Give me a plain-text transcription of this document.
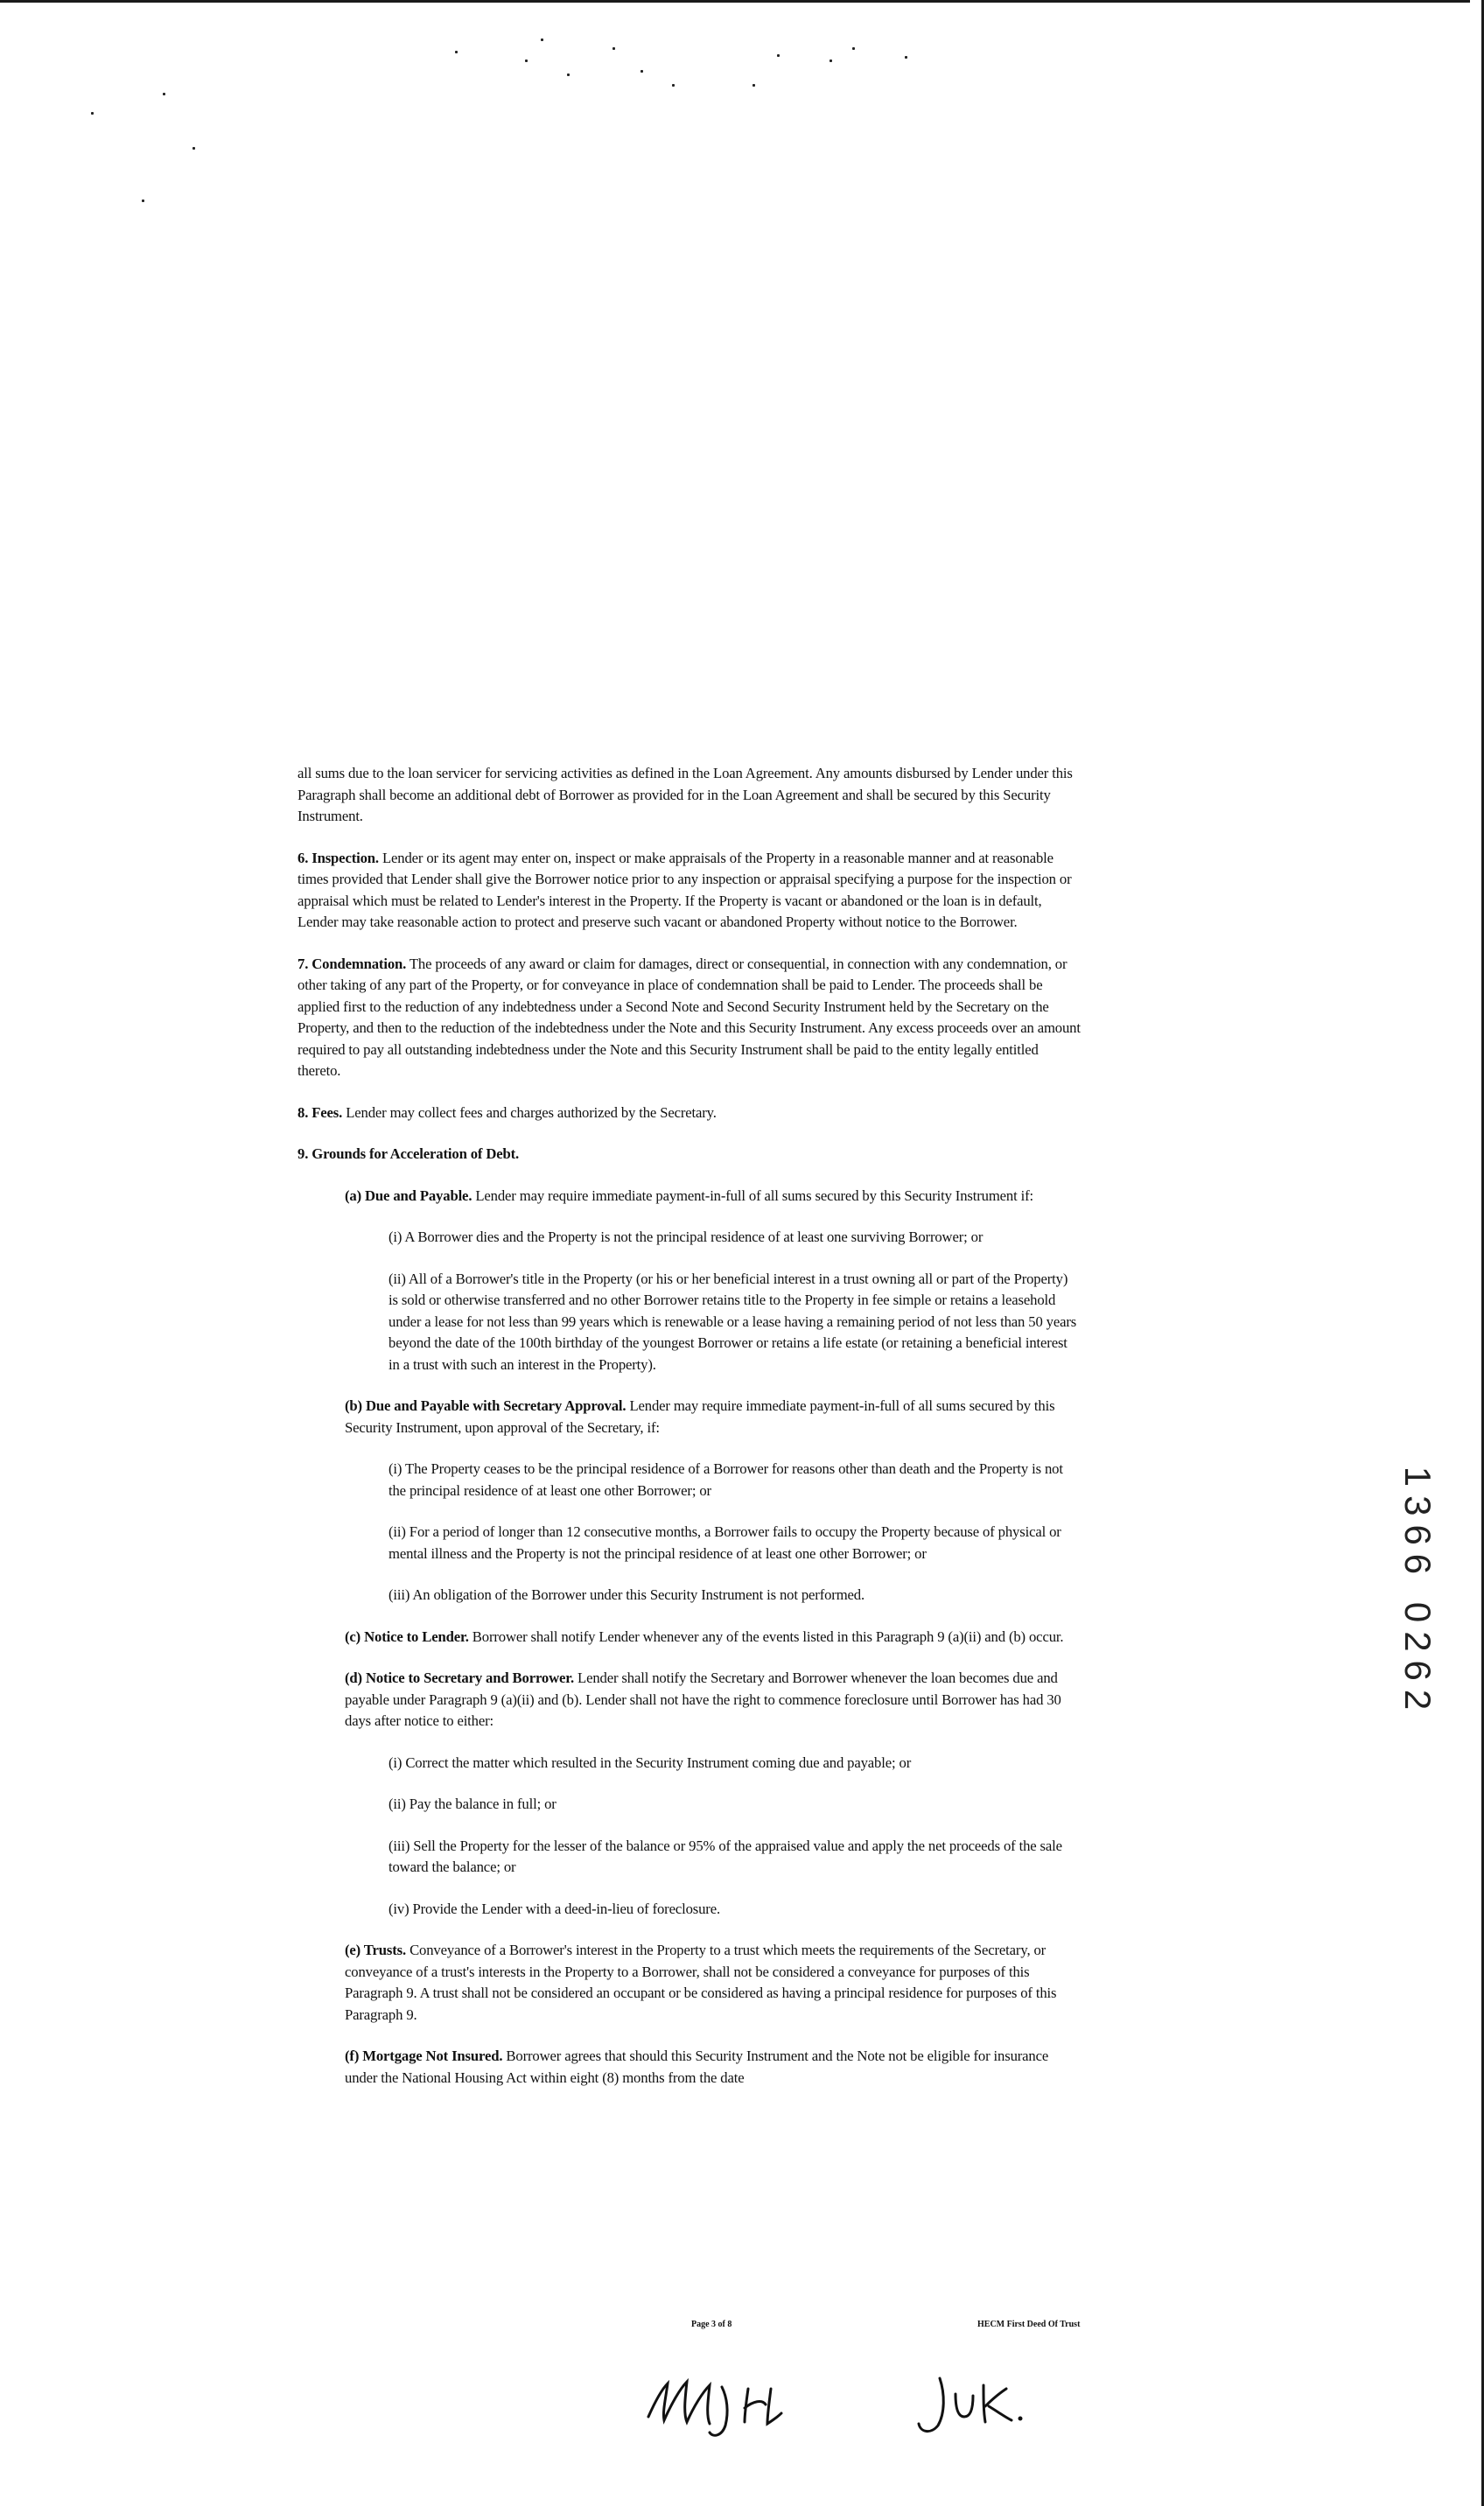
all sums due to the loan servicer for servicing activities as defined in the Loan Agreement. Any amounts disbursed by Lender under this Paragraph shall become an additional debt of Borrower as provided for in the Loan Agreement and shall be secured by this Security Instrument.

6. Inspection. Lender or its agent may enter on, inspect or make appraisals of the Property in a reasonable manner and at reasonable times provided that Lender shall give the Borrower notice prior to any inspection or appraisal specifying a purpose for the inspection or appraisal which must be related to Lender's interest in the Property. If the Property is vacant or abandoned or the loan is in default, Lender may take reasonable action to protect and preserve such vacant or abandoned Property without notice to the Borrower.

7. Condemnation. The proceeds of any award or claim for damages, direct or consequential, in connection with any condemnation, or other taking of any part of the Property, or for conveyance in place of condemnation shall be paid to Lender. The proceeds shall be applied first to the reduction of any indebtedness under a Second Note and Second Security Instrument held by the Secretary on the Property, and then to the reduction of the indebtedness under the Note and this Security Instrument. Any excess proceeds over an amount required to pay all outstanding indebtedness under the Note and this Security Instrument shall be paid to the entity legally entitled thereto.

8. Fees. Lender may collect fees and charges authorized by the Secretary.

9. Grounds for Acceleration of Debt.

(a) Due and Payable. Lender may require immediate payment-in-full of all sums secured by this Security Instrument if:

(i) A Borrower dies and the Property is not the principal residence of at least one surviving Borrower; or

(ii) All of a Borrower's title in the Property (or his or her beneficial interest in a trust owning all or part of the Property) is sold or otherwise transferred and no other Borrower retains title to the Property in fee simple or retains a leasehold under a lease for not less than 99 years which is renewable or a lease having a remaining period of not less than 50 years beyond the date of the 100th birthday of the youngest Borrower or retains a life estate (or retaining a beneficial interest in a trust with such an interest in the Property).

(b) Due and Payable with Secretary Approval. Lender may require immediate payment-in-full of all sums secured by this Security Instrument, upon approval of the Secretary, if:

(i) The Property ceases to be the principal residence of a Borrower for reasons other than death and the Property is not the principal residence of at least one other Borrower; or

(ii) For a period of longer than 12 consecutive months, a Borrower fails to occupy the Property because of physical or mental illness and the Property is not the principal residence of at least one other Borrower; or

(iii) An obligation of the Borrower under this Security Instrument is not performed.

(c) Notice to Lender. Borrower shall notify Lender whenever any of the events listed in this Paragraph 9 (a)(ii) and (b) occur.

(d) Notice to Secretary and Borrower. Lender shall notify the Secretary and Borrower whenever the loan becomes due and payable under Paragraph 9 (a)(ii) and (b). Lender shall not have the right to commence foreclosure until Borrower has had 30 days after notice to either:

(i) Correct the matter which resulted in the Security Instrument coming due and payable; or

(ii) Pay the balance in full; or

(iii) Sell the Property for the lesser of the balance or 95% of the appraised value and apply the net proceeds of the sale toward the balance; or

(iv) Provide the Lender with a deed-in-lieu of foreclosure.

(e) Trusts. Conveyance of a Borrower's interest in the Property to a trust which meets the requirements of the Secretary, or conveyance of a trust's interests in the Property to a Borrower, shall not be considered a conveyance for purposes of this Paragraph 9. A trust shall not be considered an occupant or be considered as having a principal residence for purposes of this Paragraph 9.

(f) Mortgage Not Insured. Borrower agrees that should this Security Instrument and the Note not be eligible for insurance under the National Housing Act within eight (8) months from the date

Page 3 of 8	HECM First Deed Of Trust
1366 0262
